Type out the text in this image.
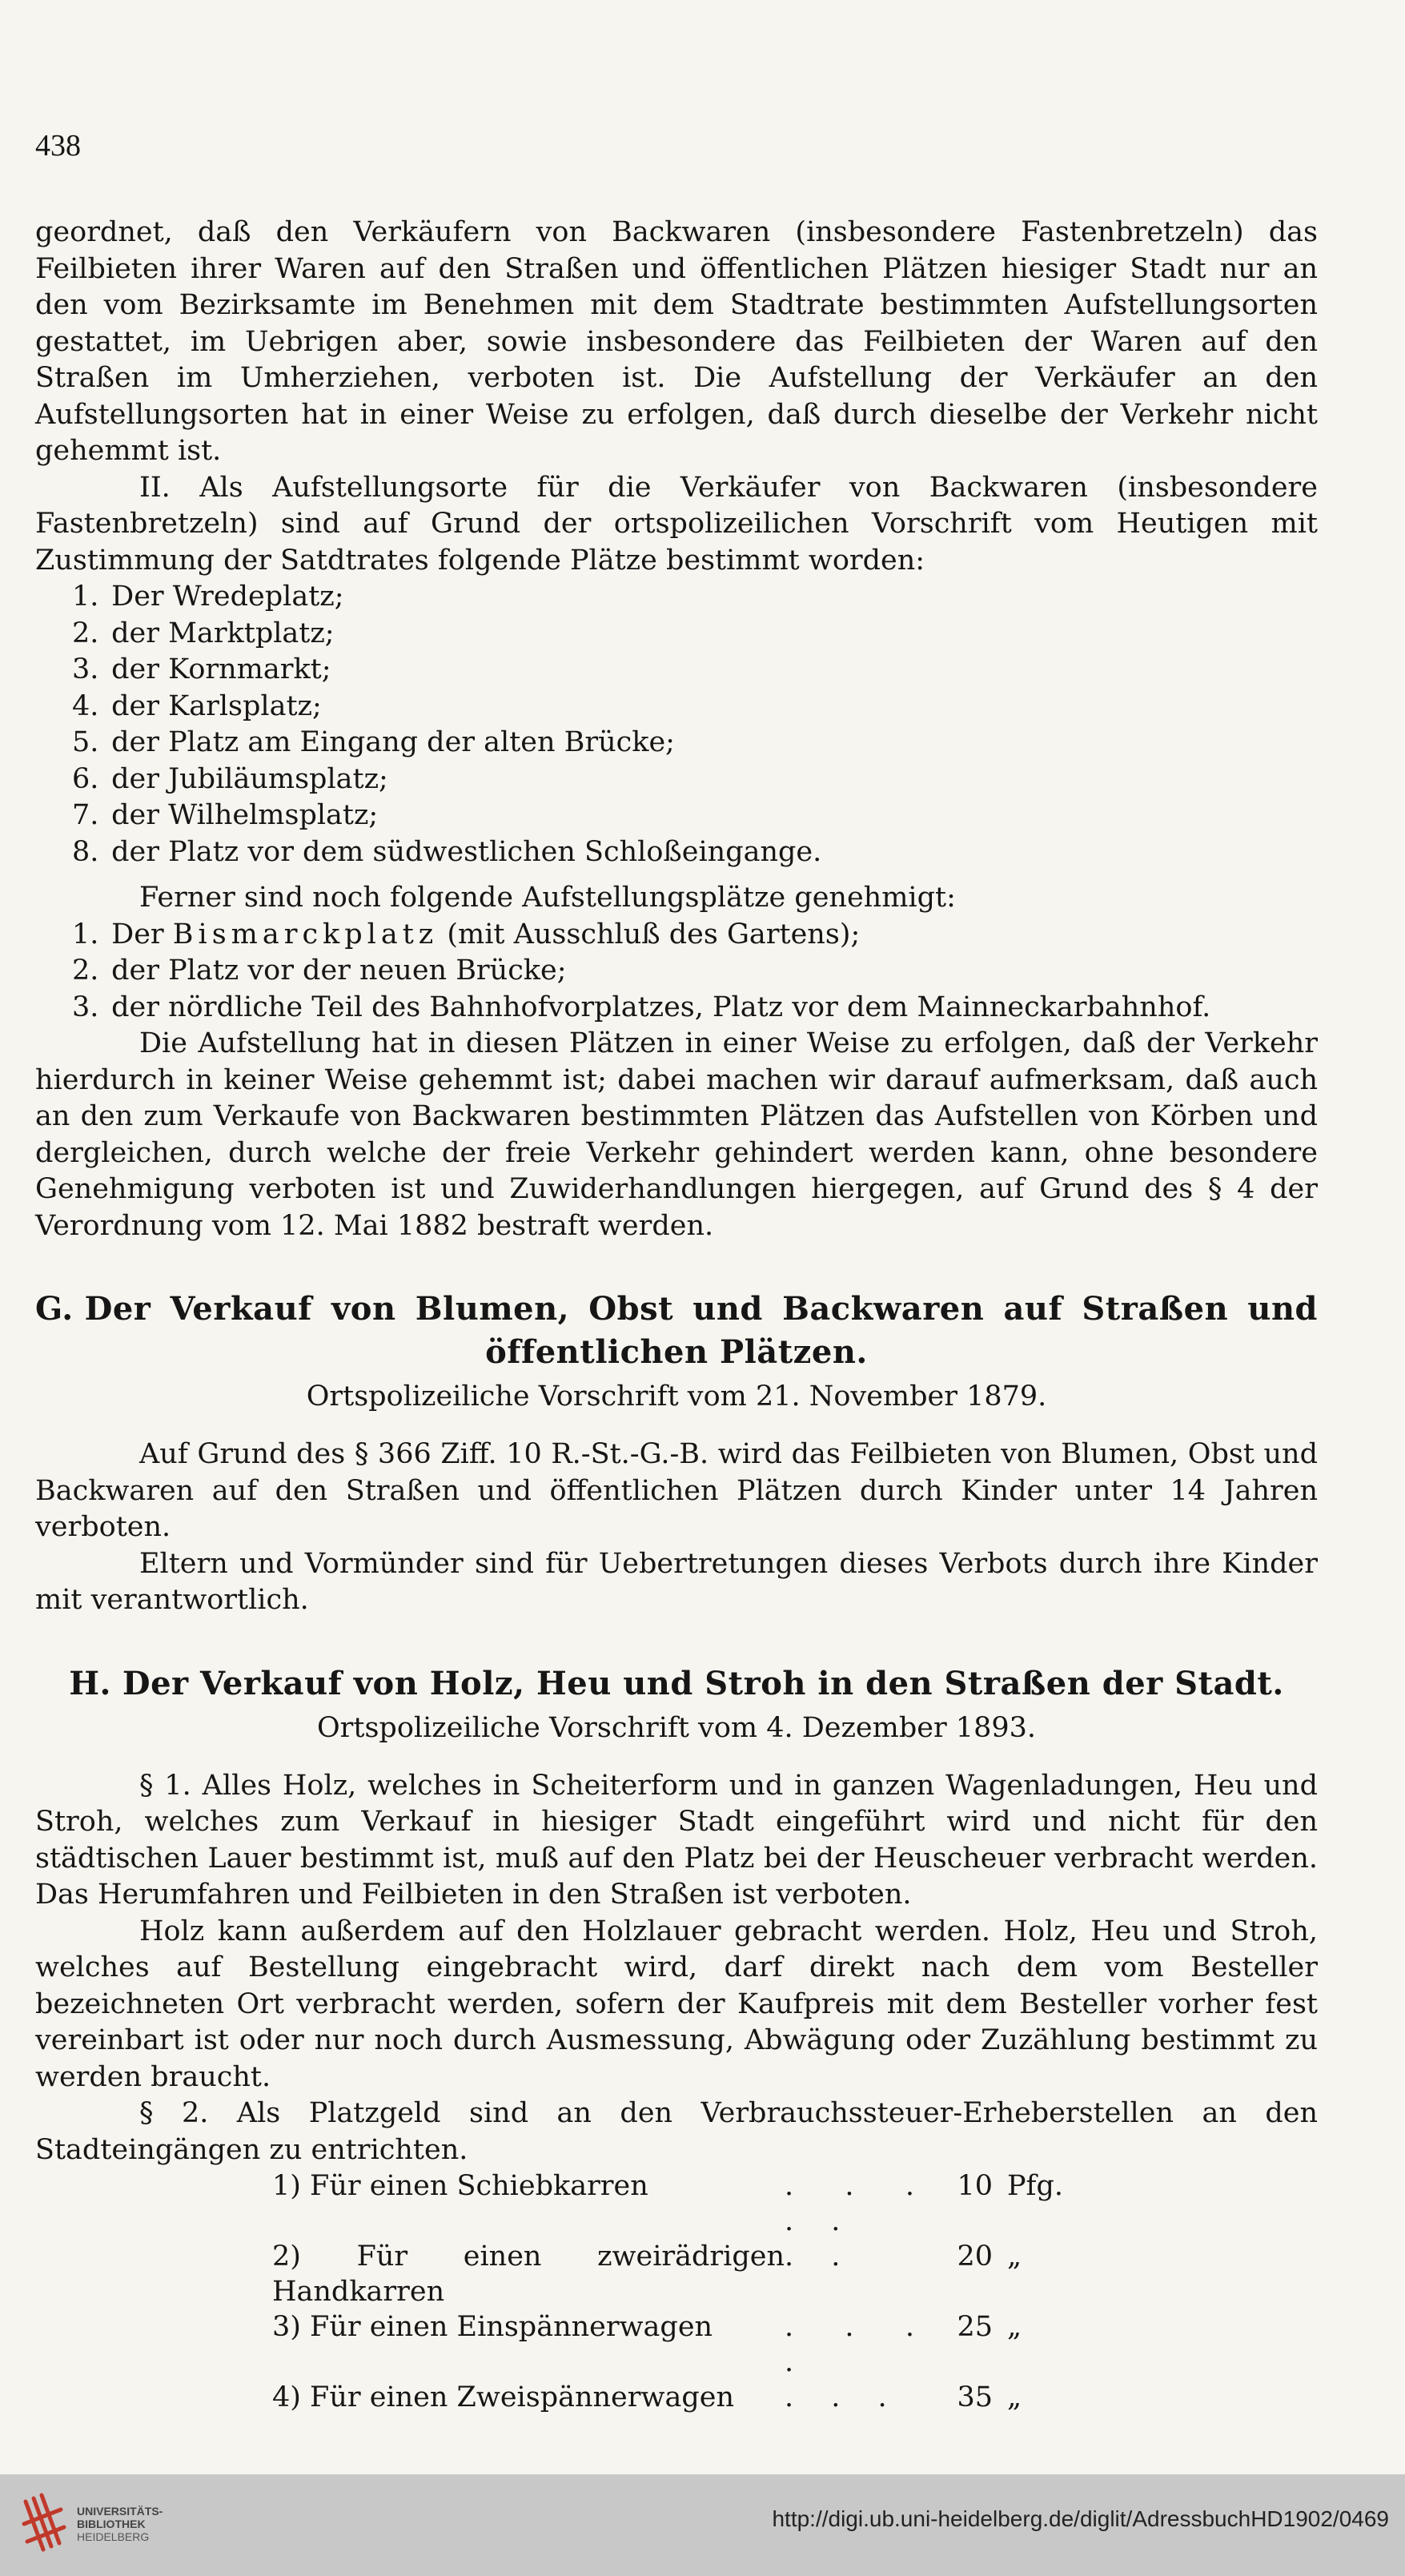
438

geordnet, daß den Verkäufern von Backwaren (insbesondere Fastenbretzeln) das Feilbieten ihrer Waren auf den Straßen und öffentlichen Plätzen hiesiger Stadt nur an den vom Bezirksamte im Benehmen mit dem Stadtrate bestimmten Aufstellungsorten gestattet, im Uebrigen aber, sowie insbesondere das Feilbieten der Waren auf den Straßen im Umherziehen, verboten ist. Die Aufstellung der Verkäufer an den Aufstellungsorten hat in einer Weise zu erfolgen, daß durch dieselbe der Verkehr nicht gehemmt ist.

II. Als Aufstellungsorte für die Verkäufer von Backwaren (insbesondere Fastenbretzeln) sind auf Grund der ortspolizeilichen Vorschrift vom Heutigen mit Zustimmung der Satdtrates folgende Plätze bestimmt worden:

1. Der Wredeplatz;
2. der Marktplatz;
3. der Kornmarkt;
4. der Karlsplatz;
5. der Platz am Eingang der alten Brücke;
6. der Jubiläumsplatz;
7. der Wilhelmsplatz;
8. der Platz vor dem südwestlichen Schloßeingange.

Ferner sind noch folgende Aufstellungsplätze genehmigt:

1. Der Bismarckplatz (mit Ausschluß des Gartens);
2. der Platz vor der neuen Brücke;
3. der nördliche Teil des Bahnhofvorplatzes, Platz vor dem Mainneckarbahnhof.

Die Aufstellung hat in diesen Plätzen in einer Weise zu erfolgen, daß der Verkehr hierdurch in keiner Weise gehemmt ist; dabei machen wir darauf aufmerksam, daß auch an den zum Verkaufe von Backwaren bestimmten Plätzen das Aufstellen von Körben und dergleichen, durch welche der freie Verkehr gehindert werden kann, ohne besondere Genehmigung verboten ist und Zuwiderhandlungen hiergegen, auf Grund des § 4 der Verordnung vom 12. Mai 1882 bestraft werden.

G. Der Verkauf von Blumen, Obst und Backwaren auf Straßen und öffentlichen Plätzen.
Ortspolizeiliche Vorschrift vom 21. November 1879.

Auf Grund des § 366 Ziff. 10 R.-St.-G.-B. wird das Feilbieten von Blumen, Obst und Backwaren auf den Straßen und öffentlichen Plätzen durch Kinder unter 14 Jahren verboten.

Eltern und Vormünder sind für Uebertretungen dieses Verbots durch ihre Kinder mit verantwortlich.

H. Der Verkauf von Holz, Heu und Stroh in den Straßen der Stadt.
Ortspolizeiliche Vorschrift vom 4. Dezember 1893.

§ 1. Alles Holz, welches in Scheiterform und in ganzen Wagenladungen, Heu und Stroh, welches zum Verkauf in hiesiger Stadt eingeführt wird und nicht für den städtischen Lauer bestimmt ist, muß auf den Platz bei der Heuscheuer verbracht werden. Das Herumfahren und Feilbieten in den Straßen ist verboten.

Holz kann außerdem auf den Holzlauer gebracht werden. Holz, Heu und Stroh, welches auf Bestellung eingebracht wird, darf direkt nach dem vom Besteller bezeichneten Ort verbracht werden, sofern der Kaufpreis mit dem Besteller vorher fest vereinbart ist oder nur noch durch Ausmessung, Abwägung oder Zuzählung bestimmt zu werden braucht.

§ 2. Als Platzgeld sind an den Verbrauchssteuer-Erheberstellen an den Stadteingängen zu entrichten.

1) Für einen Schiebkarren	. . . . .	10	Pfg.
2) Für einen zweirädrigen Handkarren	. .	20	„
3) Für einen Einspännerwagen	. . . .	25	„
4) Für einen Zweispännerwagen	. . .	35	„
UNIVERSITÄTS-
BIBLIOTHEK
HEIDELBERG
http://digi.ub.uni-heidelberg.de/diglit/AdressbuchHD1902/0469
